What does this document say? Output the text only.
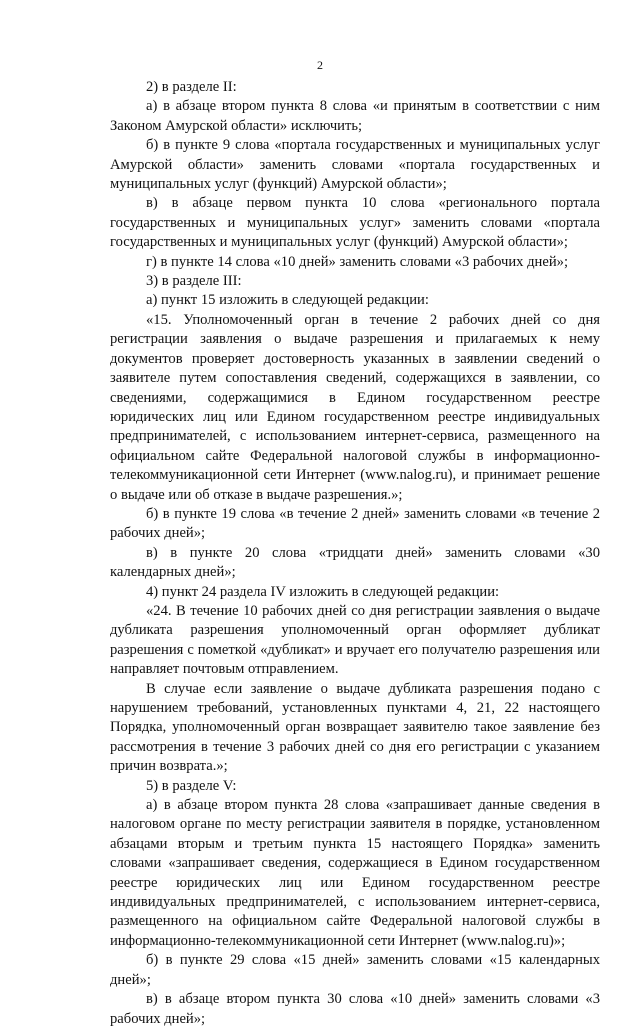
2

2) в разделе II:

а) в абзаце втором пункта 8 слова «и принятым в соответствии с ним Законом Амурской области» исключить;

б) в пункте 9 слова «портала государственных и муниципальных услуг Амурской области» заменить словами «портала государственных и муниципальных услуг (функций) Амурской области»;

в) в абзаце первом пункта 10 слова «регионального портала государственных и муниципальных услуг» заменить словами «портала государственных и муниципальных услуг (функций) Амурской области»;

г) в пункте 14 слова «10 дней» заменить словами «3 рабочих дней»;

3) в разделе III:

а) пункт 15 изложить в следующей редакции:

«15. Уполномоченный орган в течение 2 рабочих дней со дня регистрации заявления о выдаче разрешения и прилагаемых к нему документов проверяет достоверность указанных в заявлении сведений о заявителе путем сопоставления сведений, содержащихся в заявлении, со сведениями, содержащимися в Едином государственном реестре юридических лиц или Едином государственном реестре индивидуальных предпринимателей, с использованием интернет-сервиса, размещенного на официальном сайте Федеральной налоговой службы в информационно-телекоммуникационной сети Интернет (www.nalog.ru), и принимает решение о выдаче или об отказе в выдаче разрешения.»;

б) в пункте 19 слова «в течение 2 дней» заменить словами «в течение 2 рабочих дней»;

в) в пункте 20 слова «тридцати дней» заменить словами «30 календарных дней»;

4) пункт 24 раздела IV изложить в следующей редакции:

«24. В течение 10 рабочих дней со дня регистрации заявления о выдаче дубликата разрешения уполномоченный орган оформляет дубликат разрешения с пометкой «дубликат» и вручает его получателю разрешения или направляет почтовым отправлением.

В случае если заявление о выдаче дубликата разрешения подано с нарушением требований, установленных пунктами 4, 21, 22 настоящего Порядка, уполномоченный орган возвращает заявителю такое заявление без рассмотрения в течение 3 рабочих дней со дня его регистрации с указанием причин возврата.»;

5) в разделе V:

а) в абзаце втором пункта 28 слова «запрашивает данные сведения в налоговом органе по месту регистрации заявителя в порядке, установленном абзацами вторым и третьим пункта 15 настоящего Порядка» заменить словами «запрашивает сведения, содержащиеся в Едином государственном реестре юридических лиц или Едином государственном реестре индивидуальных предпринимателей, с использованием интернет-сервиса, размещенного на официальном сайте Федеральной налоговой службы в информационно-телекоммуникационной сети Интернет (www.nalog.ru)»;

б) в пункте 29 слова «15 дней» заменить словами «15 календарных дней»;

в) в абзаце втором пункта 30 слова «10 дней» заменить словами «3 рабочих дней»;
